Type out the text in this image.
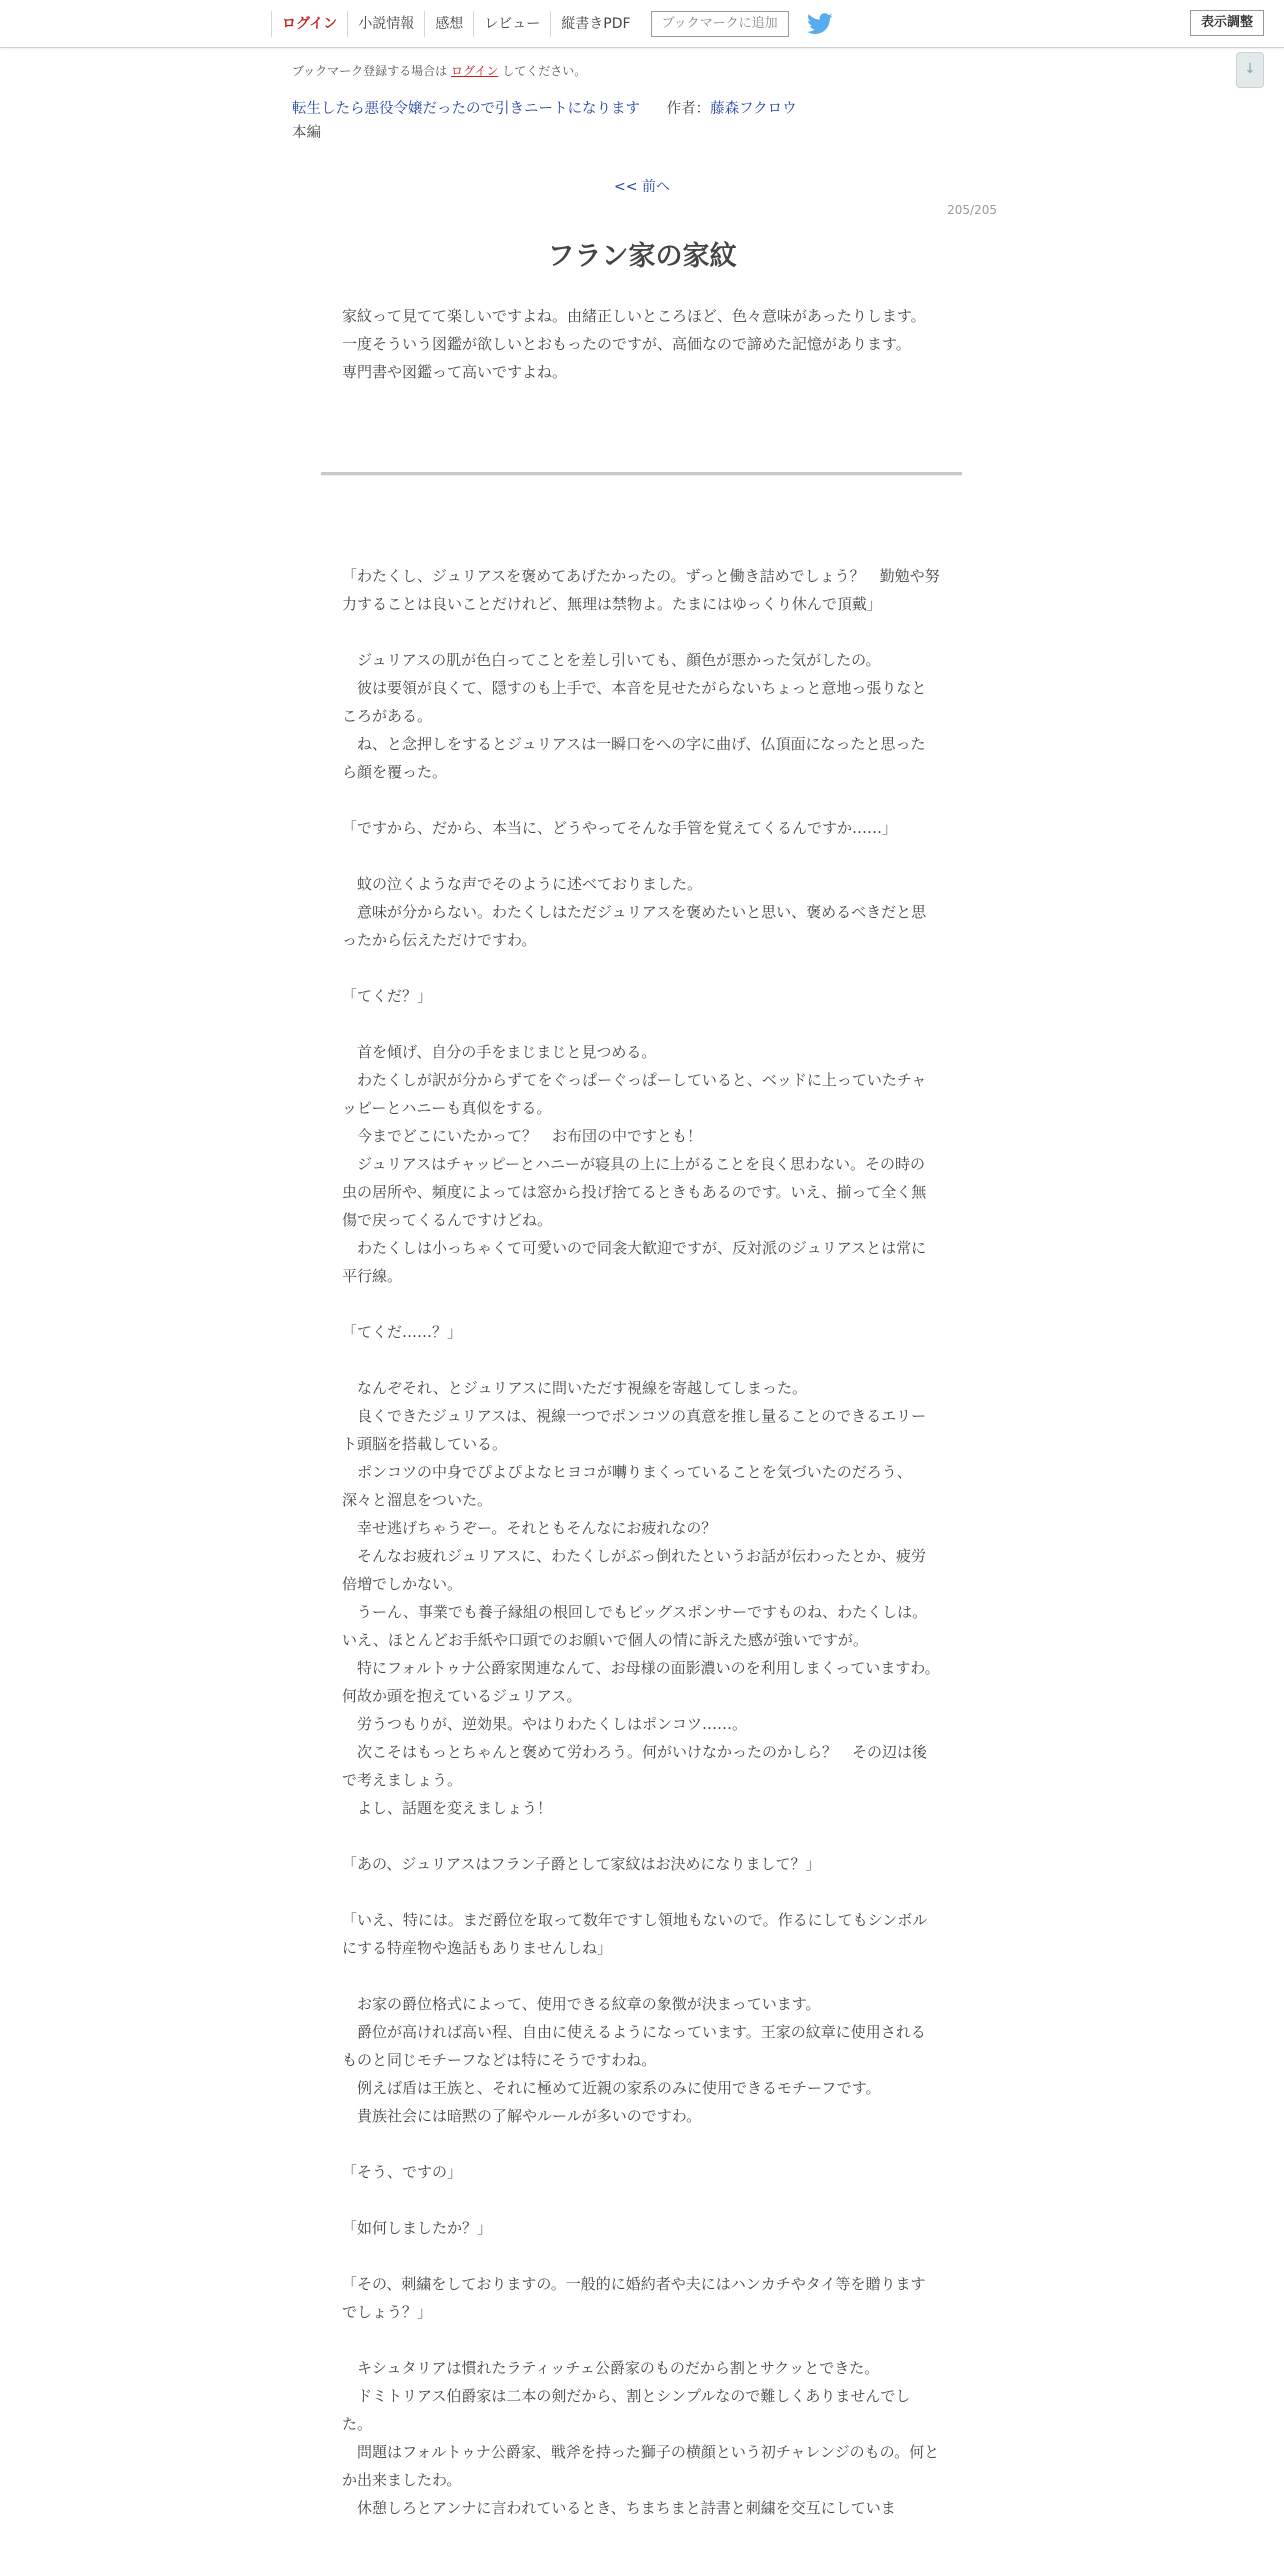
ログイン	小説情報	感想	レビュー	縦書きPDF	ブックマークに追加	表示調整
↓
ブックマーク登録する場合は ログイン してください。
転生したら悪役令嬢だったので引きニートになります 作者：藤森フクロウ
本編
<< 前へ
205/205
フラン家の家紋

家紋って見てて楽しいですよね。由緒正しいところほど、色々意味があったりします。

一度そういう図鑑が欲しいとおもったのですが、高価なので諦めた記憶があります。

専門書や図鑑って高いですよね。

「わたくし、ジュリアスを褒めてあげたかったの。ずっと働き詰めでしょう？　勤勉や努力することは良いことだけれど、無理は禁物よ。たまにはゆっくり休んで頂戴」

　ジュリアスの肌が色白ってことを差し引いても、顔色が悪かった気がしたの。

　彼は要領が良くて、隠すのも上手で、本音を見せたがらないちょっと意地っ張りなところがある。

　ね、と念押しをするとジュリアスは一瞬口をへの字に曲げ、仏頂面になったと思ったら顔を覆った。

「ですから、だから、本当に、どうやってそんな手管を覚えてくるんですか……」

　蚊の泣くような声でそのように述べておりました。

　意味が分からない。わたくしはただジュリアスを褒めたいと思い、褒めるべきだと思ったから伝えただけですわ。

「てくだ？」

　首を傾げ、自分の手をまじまじと見つめる。

　わたくしが訳が分からずてをぐっぱーぐっぱーしていると、ベッドに上っていたチャッピーとハニーも真似をする。

　今までどこにいたかって？　お布団の中ですとも！

　ジュリアスはチャッピーとハニーが寝具の上に上がることを良く思わない。その時の虫の居所や、頻度によっては窓から投げ捨てるときもあるのです。いえ、揃って全く無傷で戻ってくるんですけどね。

　わたくしは小っちゃくて可愛いので同衾大歓迎ですが、反対派のジュリアスとは常に平行線。

「てくだ……？」

　なんぞそれ、とジュリアスに問いただす視線を寄越してしまった。

　良くできたジュリアスは、視線一つでポンコツの真意を推し量ることのできるエリート頭脳を搭載している。

　ポンコツの中身でぴよぴよなヒヨコが囀りまくっていることを気づいたのだろう、深々と溜息をついた。

　幸せ逃げちゃうぞー。それともそんなにお疲れなの？

　そんなお疲れジュリアスに、わたくしがぶっ倒れたというお話が伝わったとか、疲労倍増でしかない。

　うーん、事業でも養子縁組の根回しでもビッグスポンサーですものね、わたくしは。いえ、ほとんどお手紙や口頭でのお願いで個人の情に訴えた感が強いですが。

　特にフォルトゥナ公爵家関連なんて、お母様の面影濃いのを利用しまくっていますわ。

何故か頭を抱えているジュリアス。

　労うつもりが、逆効果。やはりわたくしはポンコツ……。

　次こそはもっとちゃんと褒めて労わろう。何がいけなかったのかしら？　その辺は後で考えましょう。

　よし、話題を変えましょう！

「あの、ジュリアスはフラン子爵として家紋はお決めになりまして？」

「いえ、特には。まだ爵位を取って数年ですし領地もないので。作るにしてもシンボルにする特産物や逸話もありませんしね」

　お家の爵位格式によって、使用できる紋章の象徴が決まっています。

　爵位が高ければ高い程、自由に使えるようになっています。王家の紋章に使用されるものと同じモチーフなどは特にそうですわね。

　例えば盾は王族と、それに極めて近親の家系のみに使用できるモチーフです。

　貴族社会には暗黙の了解やルールが多いのですわ。

「そう、ですの」

「如何しましたか？」

「その、刺繍をしておりますの。一般的に婚約者や夫にはハンカチやタイ等を贈りますでしょう？」

　キシュタリアは慣れたラティッチェ公爵家のものだから割とサクッとできた。

　ドミトリアス伯爵家は二本の剣だから、割とシンプルなので難しくありませんでした。

　問題はフォルトゥナ公爵家、戦斧を持った獅子の横顔という初チャレンジのもの。何とか出来ましたわ。

　休憩しろとアンナに言われているとき、ちまちまと詩書と刺繍を交互にしていま
